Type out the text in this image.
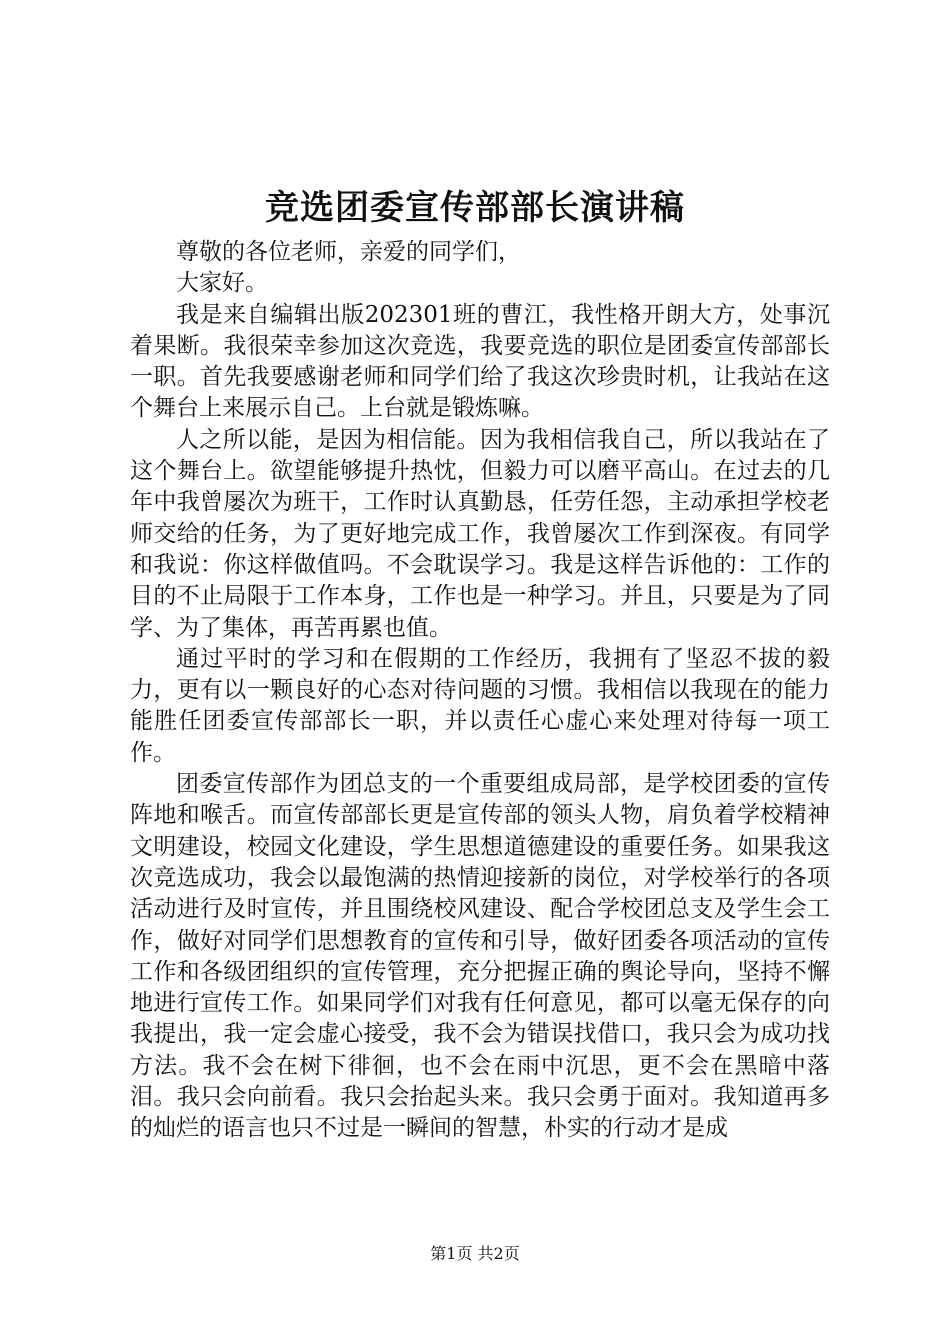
竞选团委宣传部部长演讲稿

尊敬的各位老师，亲爱的同学们，

大家好。

我是来自编辑出版202301班的曹江，我性格开朗大方，处事沉着果断。我很荣幸参加这次竞选，我要竞选的职位是团委宣传部部长一职。首先我要感谢老师和同学们给了我这次珍贵时机，让我站在这个舞台上来展示自己。上台就是锻炼嘛。

人之所以能，是因为相信能。因为我相信我自己，所以我站在了这个舞台上。欲望能够提升热忱，但毅力可以磨平高山。在过去的几年中我曾屡次为班干，工作时认真勤恳，任劳任怨，主动承担学校老师交给的任务，为了更好地完成工作，我曾屡次工作到深夜。有同学和我说：你这样做值吗。不会耽误学习。我是这样告诉他的：工作的目的不止局限于工作本身，工作也是一种学习。并且，只要是为了同学、为了集体，再苦再累也值。

通过平时的学习和在假期的工作经历，我拥有了坚忍不拔的毅力，更有以一颗良好的心态对待问题的习惯。我相信以我现在的能力能胜任团委宣传部部长一职，并以责任心虚心来处理对待每一项工作。

团委宣传部作为团总支的一个重要组成局部，是学校团委的宣传阵地和喉舌。而宣传部部长更是宣传部的领头人物，肩负着学校精神文明建设，校园文化建设，学生思想道德建设的重要任务。如果我这次竞选成功，我会以最饱满的热情迎接新的岗位，对学校举行的各项活动进行及时宣传，并且围绕校风建设、配合学校团总支及学生会工作，做好对同学们思想教育的宣传和引导，做好团委各项活动的宣传工作和各级团组织的宣传管理，充分把握正确的舆论导向，坚持不懈地进行宣传工作。如果同学们对我有任何意见，都可以毫无保存的向我提出，我一定会虚心接受，我不会为错误找借口，我只会为成功找方法。我不会在树下徘徊，也不会在雨中沉思，更不会在黑暗中落泪。我只会向前看。我只会抬起头来。我只会勇于面对。我知道再多的灿烂的语言也只不过是一瞬间的智慧，朴实的行动才是成

第1页 共2页
